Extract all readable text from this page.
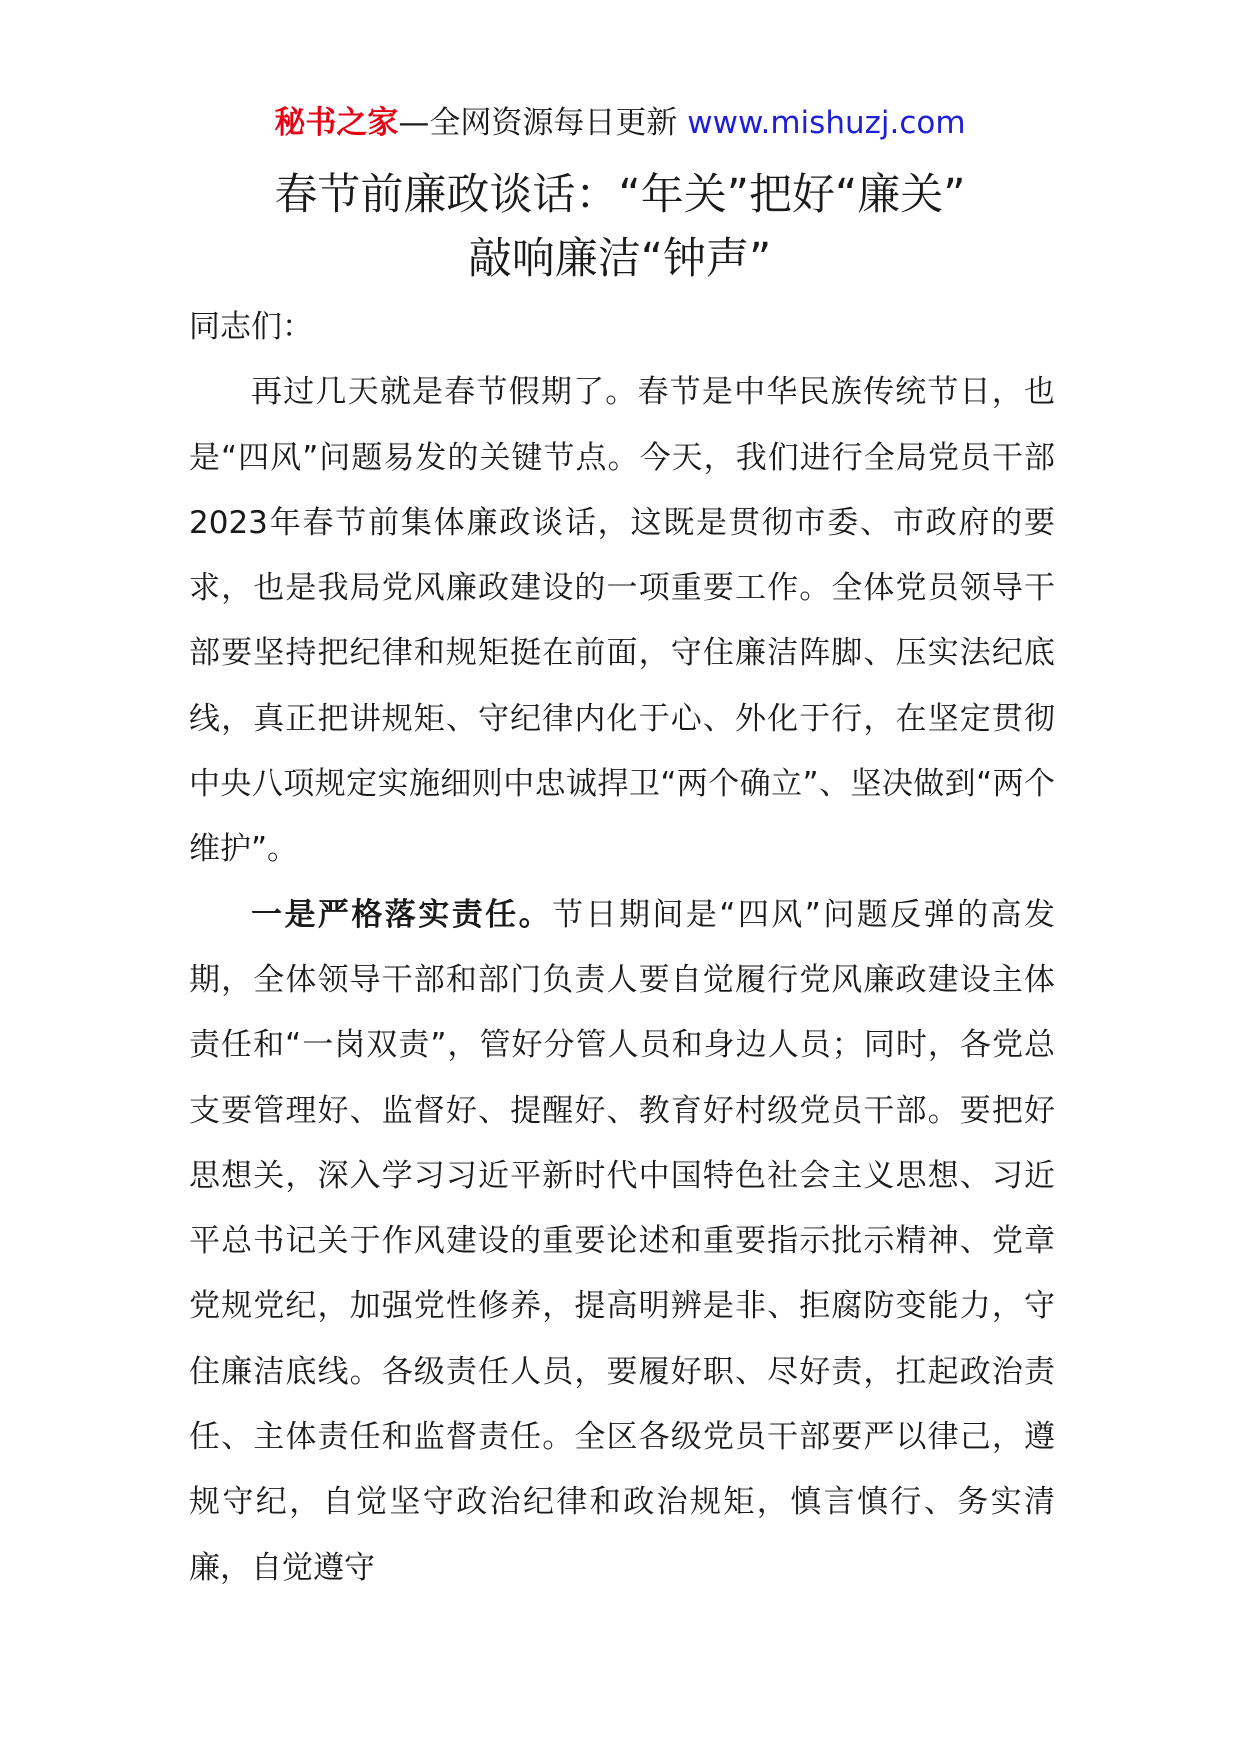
秘书之家—全网资源每日更新 www.mishuzj.com
春节前廉政谈话：“年关”把好“廉关”
敲响廉洁“钟声”

同志们：

再过几天就是春节假期了。春节是中华民族传统节日，也是“四风”问题易发的关键节点。今天，我们进行全局党员干部2023年春节前集体廉政谈话，这既是贯彻市委、市政府的要求，也是我局党风廉政建设的一项重要工作。全体党员领导干部要坚持把纪律和规矩挺在前面，守住廉洁阵脚、压实法纪底线，真正把讲规矩、守纪律内化于心、外化于行，在坚定贯彻中央八项规定实施细则中忠诚捍卫“两个确立”、坚决做到“两个维护”。

一是严格落实责任。节日期间是“四风”问题反弹的高发期，全体领导干部和部门负责人要自觉履行党风廉政建设主体责任和“一岗双责”，管好分管人员和身边人员；同时，各党总支要管理好、监督好、提醒好、教育好村级党员干部。要把好思想关，深入学习习近平新时代中国特色社会主义思想、习近平总书记关于作风建设的重要论述和重要指示批示精神、党章党规党纪，加强党性修养，提高明辨是非、拒腐防变能力，守住廉洁底线。各级责任人员，要履好职、尽好责，扛起政治责任、主体责任和监督责任。全区各级党员干部要严以律己，遵规守纪，自觉坚守政治纪律和政治规矩，慎言慎行、务实清廉，自觉遵守
